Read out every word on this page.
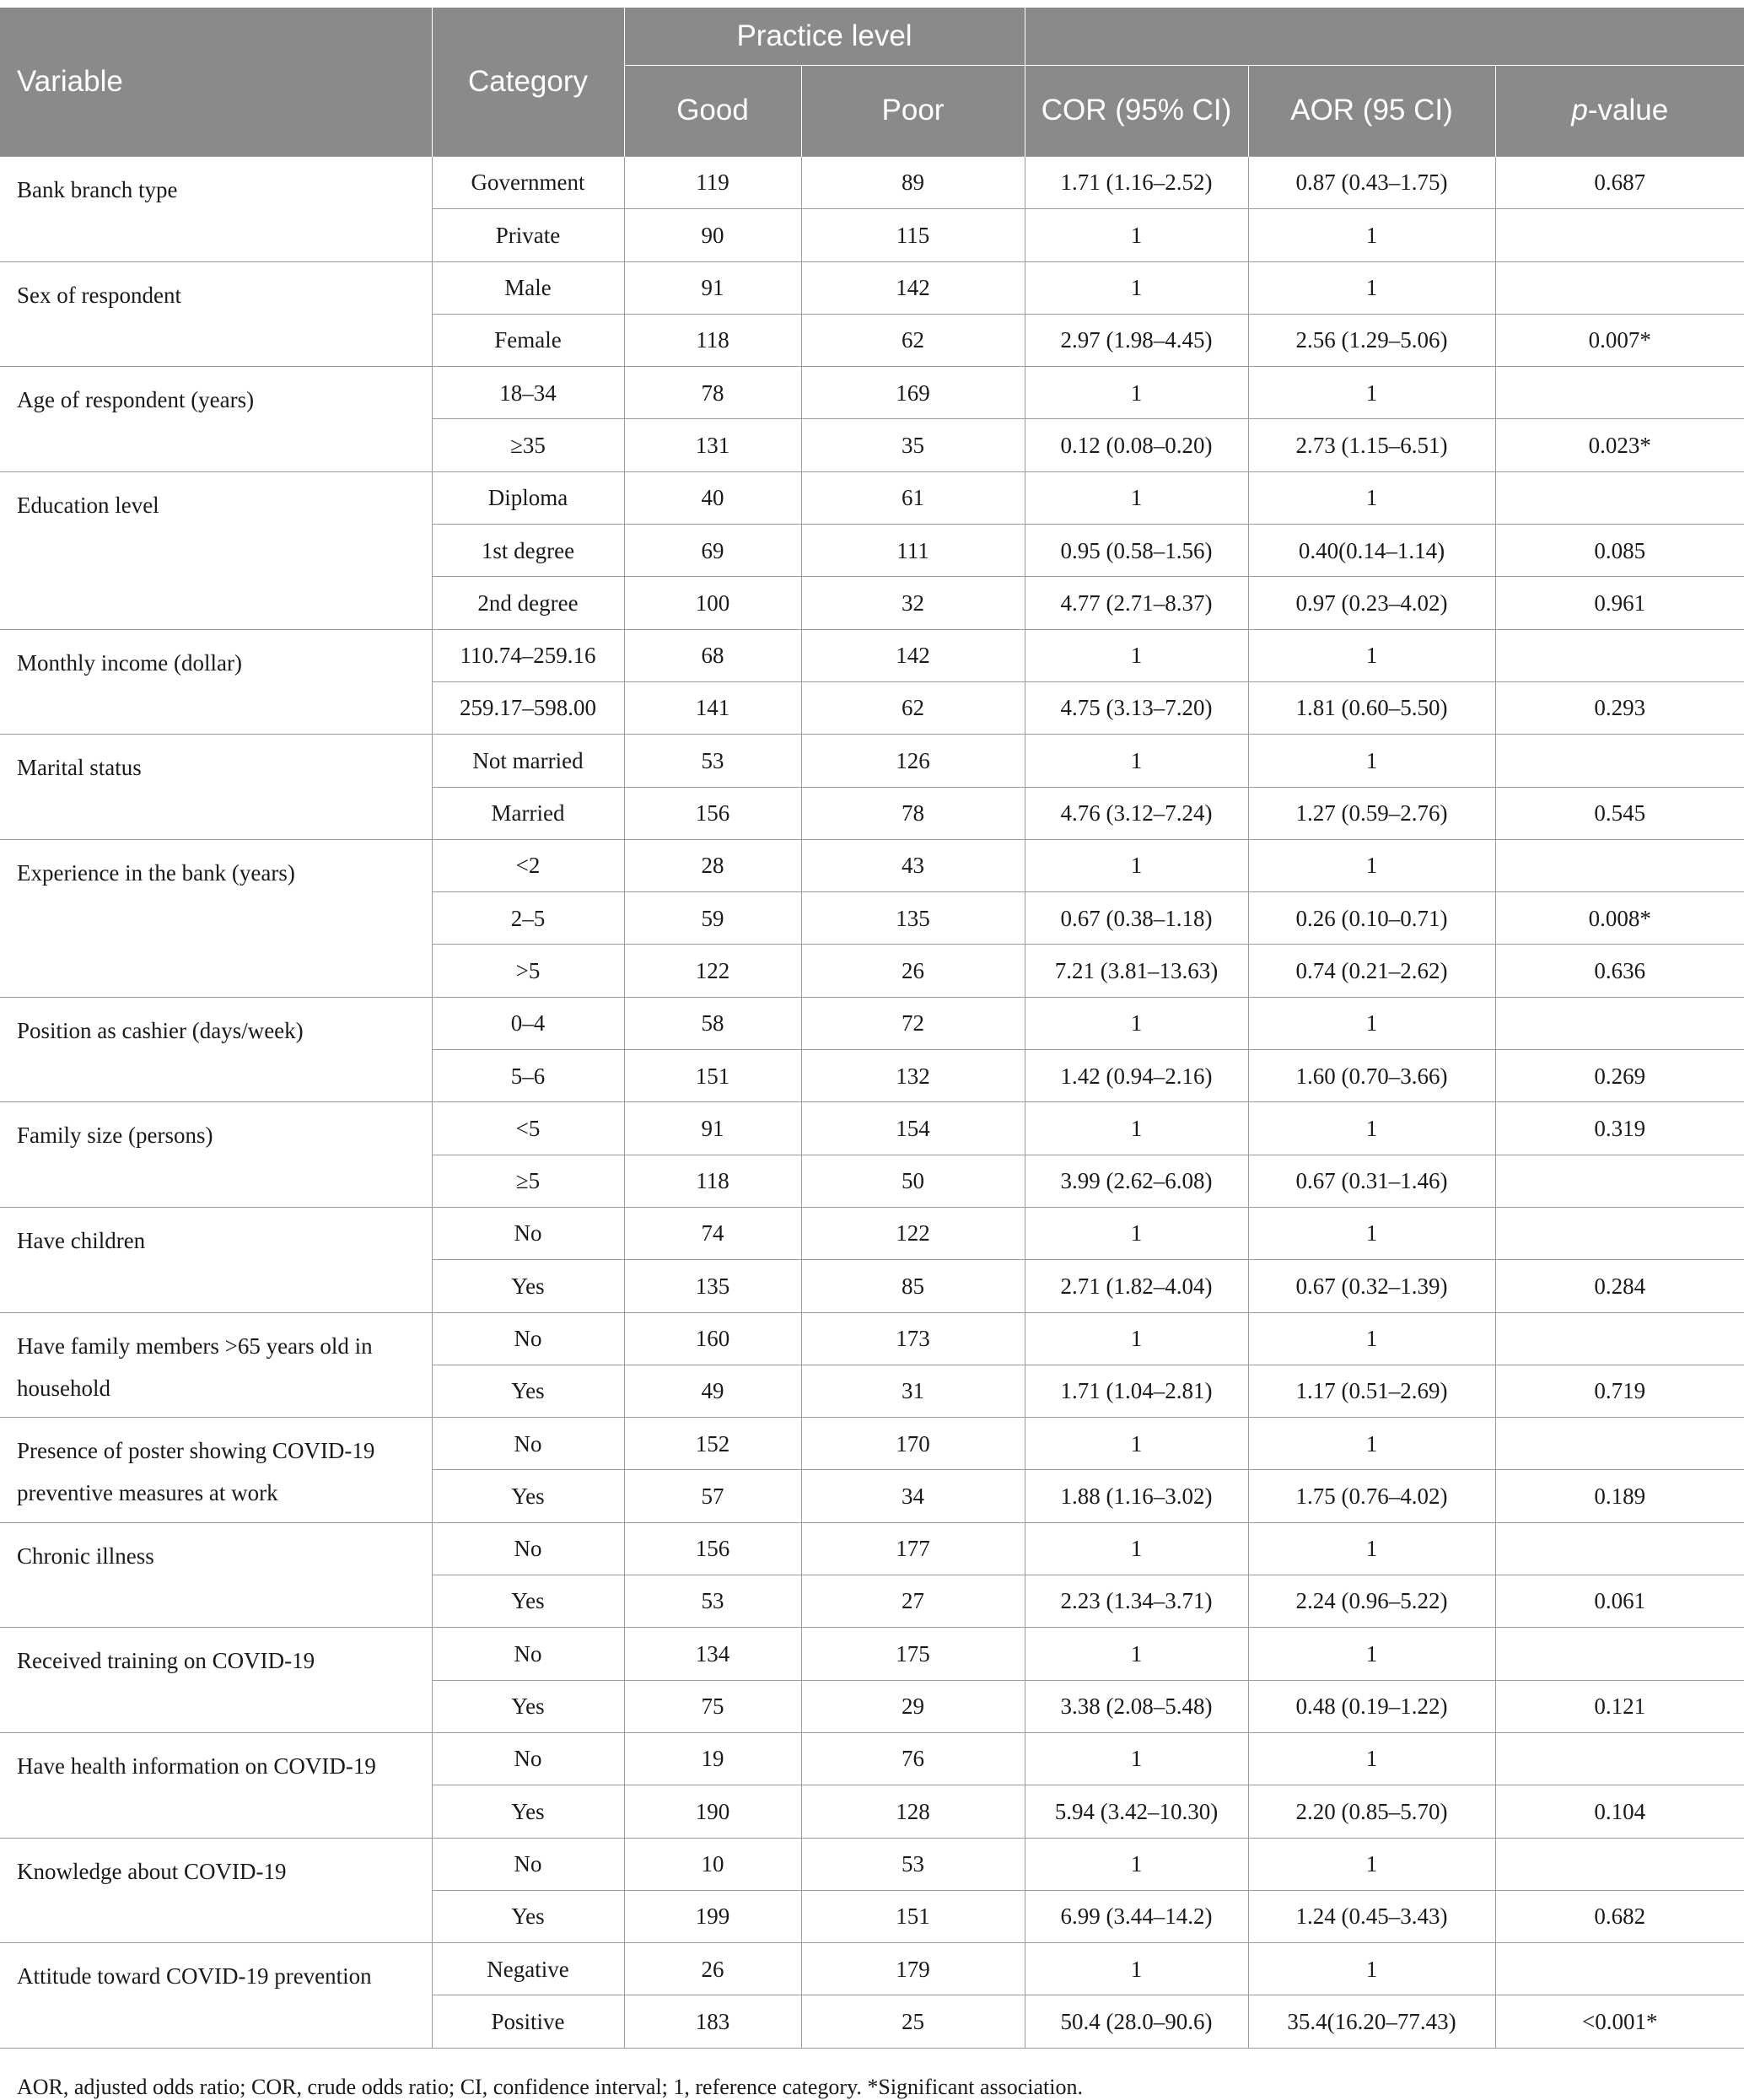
Variable	Category	Practice level				
		Good	Poor	COR (95% CI)	AOR (95 CI)	p-value
Bank branch type	Government	119	89	1.71 (1.16–2.52)	0.87 (0.43–1.75)	0.687
	Private	90	115	1	1	
Sex of respondent	Male	91	142	1	1	
	Female	118	62	2.97 (1.98–4.45)	2.56 (1.29–5.06)	0.007*
Age of respondent (years)	18–34	78	169	1	1	
	≥35	131	35	0.12 (0.08–0.20)	2.73 (1.15–6.51)	0.023*
Education level	Diploma	40	61	1	1	
	1st degree	69	111	0.95 (0.58–1.56)	0.40(0.14–1.14)	0.085
	2nd degree	100	32	4.77 (2.71–8.37)	0.97 (0.23–4.02)	0.961
Monthly income (dollar)	110.74–259.16	68	142	1	1	
	259.17–598.00	141	62	4.75 (3.13–7.20)	1.81 (0.60–5.50)	0.293
Marital status	Not married	53	126	1	1	
	Married	156	78	4.76 (3.12–7.24)	1.27 (0.59–2.76)	0.545
Experience in the bank (years)	<2	28	43	1	1	
	2–5	59	135	0.67 (0.38–1.18)	0.26 (0.10–0.71)	0.008*
	>5	122	26	7.21 (3.81–13.63)	0.74 (0.21–2.62)	0.636
Position as cashier (days/week)	0–4	58	72	1	1	
	5–6	151	132	1.42 (0.94–2.16)	1.60 (0.70–3.66)	0.269
Family size (persons)	<5	91	154	1	1	0.319
	≥5	118	50	3.99 (2.62–6.08)	0.67 (0.31–1.46)	
Have children	No	74	122	1	1	
	Yes	135	85	2.71 (1.82–4.04)	0.67 (0.32–1.39)	0.284
Have family members >65 years old in household	No	160	173	1	1	
	Yes	49	31	1.71 (1.04–2.81)	1.17 (0.51–2.69)	0.719
Presence of poster showing COVID-19 preventive measures at work	No	152	170	1	1	
	Yes	57	34	1.88 (1.16–3.02)	1.75 (0.76–4.02)	0.189
Chronic illness	No	156	177	1	1	
	Yes	53	27	2.23 (1.34–3.71)	2.24 (0.96–5.22)	0.061
Received training on COVID-19	No	134	175	1	1	
	Yes	75	29	3.38 (2.08–5.48)	0.48 (0.19–1.22)	0.121
Have health information on COVID-19	No	19	76	1	1	
	Yes	190	128	5.94 (3.42–10.30)	2.20 (0.85–5.70)	0.104
Knowledge about COVID-19	No	10	53	1	1	
	Yes	199	151	6.99 (3.44–14.2)	1.24 (0.45–3.43)	0.682
Attitude toward COVID-19 prevention	Negative	26	179	1	1	
	Positive	183	25	50.4 (28.0–90.6)	35.4(16.20–77.43)	<0.001*
AOR, adjusted odds ratio; COR, crude odds ratio; CI, confidence interval; 1, reference category. *Significant association.
